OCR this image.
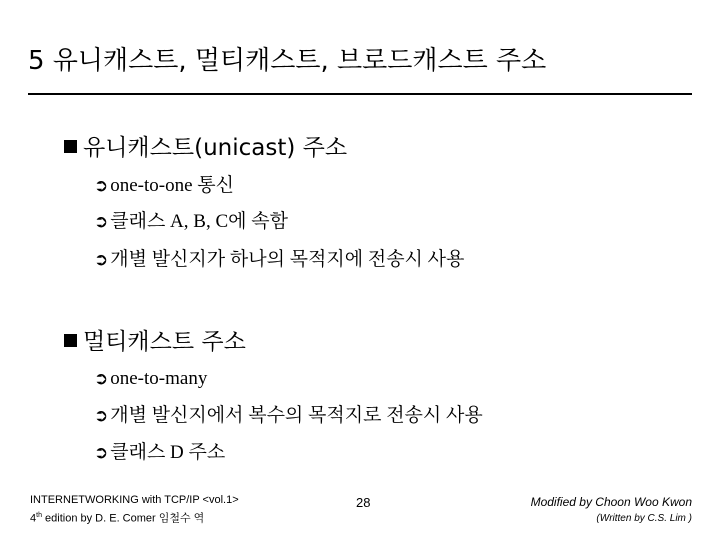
5 유니캐스트, 멀티캐스트, 브로드캐스트 주소
유니캐스트(unicast) 주소
➲ one-to-one 통신
➲ 클래스 A, B, C에 속함
➲ 개별 발신지가 하나의 목적지에 전송시 사용
멀티캐스트 주소
➲ one-to-many
➲ 개별 발신지에서 복수의 목적지로 전송시 사용
➲ 클래스 D 주소
INTERNETWORKING with TCP/IP <vol.1>
4th edition by D. E. Comer 임철수 역
28	Modified by Choon Woo Kwon
(Written by C.S. Lim )
